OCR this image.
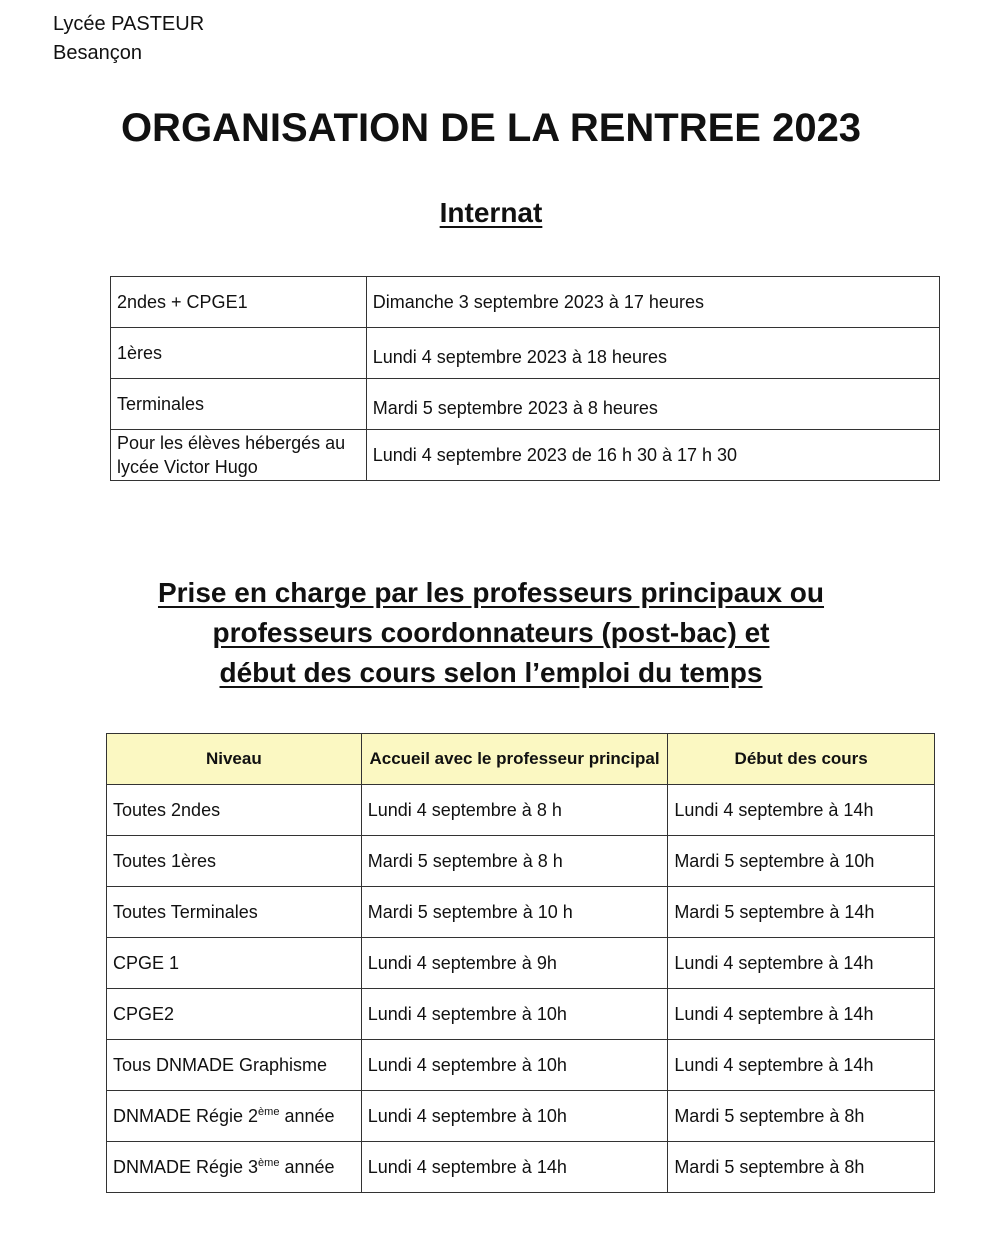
Lycée PASTEUR
Besançon
ORGANISATION DE LA RENTREE 2023
Internat
2ndes + CPGE1	Dimanche 3 septembre 2023 à 17 heures
1ères	Lundi 4 septembre 2023 à 18 heures
Terminales	Mardi 5 septembre 2023 à 8 heures
Pour les élèves hébergés au lycée Victor Hugo	Lundi 4 septembre 2023 de 16 h 30 à 17 h 30
Prise en charge par les professeurs principaux ou
professeurs coordonnateurs (post-bac) et
début des cours selon l’emploi du temps
Niveau	Accueil avec le professeur principal	Début des cours
Toutes 2ndes	Lundi 4 septembre à 8 h	Lundi 4 septembre à 14h
Toutes 1ères	Mardi 5 septembre à 8 h	Mardi 5 septembre à 10h
Toutes Terminales	Mardi 5 septembre à 10 h	Mardi 5 septembre à 14h
CPGE 1	Lundi 4 septembre à 9h	Lundi 4 septembre à 14h
CPGE2	Lundi 4 septembre à 10h	Lundi 4 septembre à 14h
Tous DNMADE Graphisme	Lundi 4 septembre à 10h	Lundi 4 septembre à 14h
DNMADE Régie 2ème année	Lundi 4 septembre à 10h	Mardi 5 septembre à 8h
DNMADE Régie 3ème année	Lundi 4 septembre à 14h	Mardi 5 septembre à 8h
